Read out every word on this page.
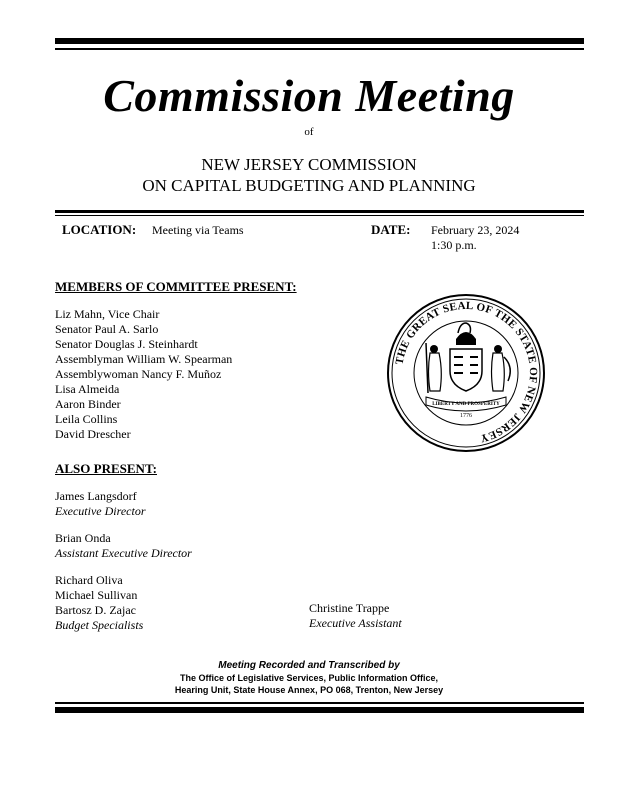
Commission Meeting
of
NEW JERSEY COMMISSION
ON CAPITAL BUDGETING AND PLANNING
LOCATION: Meeting via Teams	DATE: February 23, 2024
1:30 p.m.
MEMBERS OF COMMITTEE PRESENT:
Liz Mahn, Vice Chair
Senator Paul A. Sarlo
Senator Douglas J. Steinhardt
Assemblyman William W. Spearman
Assemblywoman Nancy F. Muñoz
Lisa Almeida
Aaron Binder
Leila Collins
David Drescher
THE GREAT SEAL OF THE STATE OF NEW JERSEY
LIBERTY AND PROSPERITY
1776
ALSO PRESENT:
James Langsdorf
Executive Director
Brian Onda
Assistant Executive Director
Richard Oliva
Michael Sullivan
Bartosz D. Zajac
Budget Specialists
Christine Trappe
Executive Assistant
Meeting Recorded and Transcribed by
The Office of Legislative Services, Public Information Office,
Hearing Unit, State House Annex, PO 068, Trenton, New Jersey
